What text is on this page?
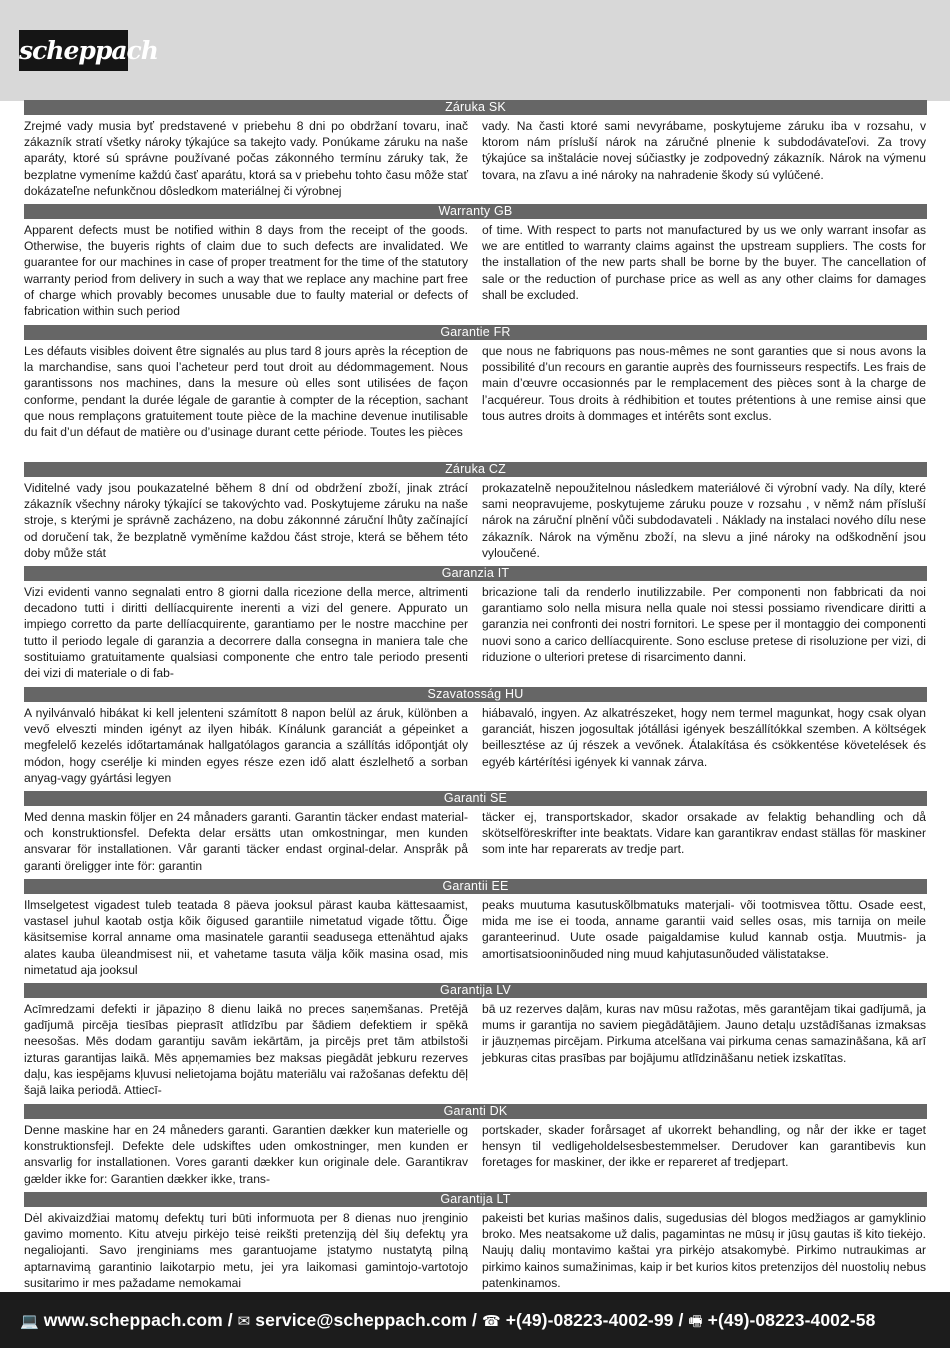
scheppach
Záruka SK
Zrejmé vady musia byť predstavené v priebehu 8 dni po obdržaní tovaru, inač zákazník stratí všetky nároky týkajúce sa takejto vady. Ponúkame záruku na naše aparáty, ktoré sú správne používané počas zákonného termínu záruky tak, že bezplatne vymeníme každú časť aparátu, ktorá sa v priebehu tohto času môže stať dokázateľne nefunkčnou dôsledkom materiálnej či výrobnej
vady. Na časti ktoré sami nevyrábame, poskytujeme záruku iba v rozsahu, v ktorom nám prísluší nárok na záručné plnenie k subdodávateľovi. Za trovy týkajúce sa inštalácie novej súčiastky je zodpovedný zákazník. Nárok na výmenu tovara, na zľavu a iné nároky na nahradenie škody sú vylúčené.
Warranty GB
Apparent defects must be notified within 8 days from the receipt of the goods. Otherwise, the buyeris rights of claim due to such defects are invalidated. We guarantee for our machines in case of proper treatment for the time of the statutory warranty period from delivery in such a way that we replace any machine part free of charge which provably becomes unusable due to faulty material or defects of fabrication within such period
of time. With respect to parts not manufactured by us we only warrant insofar as we are entitled to warranty claims against the upstream suppliers. The costs for the installation of the new parts shall be borne by the buyer. The cancellation of sale or the reduction of purchase price as well as any other claims for damages shall be excluded.
Garantie FR
Les défauts visibles doivent être signalés au plus tard 8 jours après la réception de la marchandise, sans quoi l’acheteur perd tout droit au dédommagement. Nous garantissons nos machines, dans la mesure où elles sont utilisées de façon conforme, pendant la durée légale de garantie à compter de la réception, sachant que nous remplaçons gratuitement toute pièce de la machine devenue inutilisable du fait d’un défaut de matière ou d’usinage durant cette période. Toutes les pièces
que nous ne fabriquons pas nous-mêmes ne sont garanties que si nous avons la possibilité d’un recours en garantie auprès des fournisseurs respectifs. Les frais de main d’œuvre occasionnés par le remplacement des pièces sont à la charge de l’acquéreur. Tous droits à rédhibition et toutes prétentions à une remise ainsi que tous autres droits à dommages et intérêts sont exclus.
Záruka CZ
Viditelné vady jsou poukazatelné během 8 dní od obdržení zboží, jinak ztrácí zákazník všechny nároky týkající se takovýchto vad. Poskytujeme záruku na naše stroje, s kterými je správně zacházeno, na dobu zákonnné záruční lhůty začínající od doručení tak, že bezplatně vyměníme každou část stroje, která se během této doby může stát
prokazatelně nepoužitelnou následkem materiálové či výrobní vady. Na díly, které sami neopravujeme, poskytujeme záruku pouze v rozsahu , v němž nám přísluší nárok na záruční plnění vůči subdodavateli . Náklady na instalaci nového dílu nese zákazník. Nárok na výměnu zboží, na slevu a jiné nároky na odškodnění jsou vyloučené.
Garanzia IT
Vizi evidenti vanno segnalati entro 8 giorni dalla ricezione della merce, altrimenti decadono tutti i diritti dellíacquirente inerenti a vizi del genere. Appurato un impiego corretto da parte dellíacquirente, garantiamo per le nostre macchine per tutto il periodo legale di garanzia a decorrere dalla consegna in maniera tale che sostituiamo gratuitamente qualsiasi componente che entro tale periodo presenti dei vizi di materiale o di fab-
bricazione tali da renderlo inutilizzabile. Per componenti non fabbricati da noi garantiamo solo nella misura nella quale noi stessi possiamo rivendicare diritti a garanzia nei confronti dei nostri fornitori. Le spese per il montaggio dei componenti nuovi sono a carico dellíacquirente. Sono escluse pretese di risoluzione per vizi, di riduzione o ulteriori pretese di risarcimento danni.
Szavatosság HU
A nyilvánvaló hibákat ki kell jelenteni számított 8 napon belül az áruk, különben a vevő elveszti minden igényt az ilyen hibák. Kínálunk garanciát a gépeinket a megfelelő kezelés időtartamának hallgatólagos garancia a szállítás időpontját oly módon, hogy cserélje ki minden egyes része ezen idő alatt észlelhető a sorban anyag-vagy gyártási legyen
hiábavaló, ingyen. Az alkatrészeket, hogy nem termel magunkat, hogy csak olyan garanciát, hiszen jogosultak jótállási igények beszállítókkal szemben. A költségek beillesztése az új részek a vevőnek. Átalakítása és csökkentése követelések és egyéb kártérítési igények ki vannak zárva.
Garanti SE
Med denna maskin följer en 24 månaders garanti. Garantin täcker endast material- och konstruktionsfel. Defekta delar ersätts utan omkostningar, men kunden ansvarar för installationen. Vår garanti täcker endast orginal-delar. Anspråk på garanti öreligger inte för: garantin
täcker ej, transportskador, skador orsakade av felaktig behandling och då skötselföreskrifter inte beaktats. Vidare kan garantikrav endast ställas för maskiner som inte har reparerats av tredje part.
Garantii EE
Ilmselgetest vigadest tuleb teatada 8 päeva jooksul pärast kauba kättesaamist, vastasel juhul kaotab ostja kõik õigused garantiile nimetatud vigade tõttu. Õige käsitsemise korral anname oma masinatele garantii seadusega ettenähtud ajaks alates kauba üleandmisest nii, et vahetame tasuta välja kõik masina osad, mis nimetatud aja jooksul
peaks muutuma kasutuskõlbmatuks materjali- või tootmisvea tõttu. Osade eest, mida me ise ei tooda, anname garantii vaid selles osas, mis tarnija on meile garanteerinud. Uute osade paigaldamise kulud kannab ostja. Muutmis- ja amortisatsiooninõuded ning muud kahjutasunõuded välistatakse.
Garantija LV
Acīmredzami defekti ir jāpaziņo 8 dienu laikā no preces saņemšanas. Pretējā gadījumā pircēja tiesības pieprasīt atlīdzību par šādiem defektiem ir spēkā neesošas. Mēs dodam garantiju savām iekārtām, ja pircējs pret tām atbilstoši izturas garantijas laikā. Mēs apņemamies bez maksas piegādāt jebkuru rezerves daļu, kas iespējams kļuvusi nelietojama bojātu materiālu vai ražošanas defektu dēļ šajā laika periodā. Attiecī-
bā uz rezerves daļām, kuras nav mūsu ražotas, mēs garantējam tikai gadījumā, ja mums ir garantija no saviem piegādātājiem. Jauno detaļu uzstādīšanas izmaksas ir jāuzņemas pircējam. Pirkuma atcelšana vai pirkuma cenas samazināšana, kā arī jebkuras citas prasības par bojājumu atlīdzināšanu netiek izskatītas.
Garanti DK
Denne maskine har en 24 måneders garanti. Garantien dækker kun materielle og konstruktionsfejl. Defekte dele udskiftes uden omkostninger, men kunden er ansvarlig for installationen. Vores garanti dækker kun originale dele. Garantikrav gælder ikke for: Garantien dækker ikke, trans-
portskader, skader forårsaget af ukorrekt behandling, og når der ikke er taget hensyn til vedligeholdelsesbestemmelser. Derudover kan garantibevis kun foretages for maskiner, der ikke er repareret af tredjepart.
Garantija LT
Dėl akivaizdžiai matomų defektų turi būti informuota per 8 dienas nuo įrenginio gavimo momento. Kitu atveju pirkėjo teisė reikšti pretenziją dėl šių defektų yra negaliojanti. Savo įrenginiams mes garantuojame įstatymo nustatytą pilną aptarnavimą garantinio laikotarpio metu, jei yra laikomasi gamintojo-vartotojo susitarimo ir mes pažadame nemokamai
pakeisti bet kurias mašinos dalis, sugedusias dėl blogos medžiagos ar gamyklinio broko. Mes neatsakome už dalis, pagamintas ne mūsų ir jūsų gautas iš kito tiekėjo. Naujų dalių montavimo kaštai yra pirkėjo atsakomybė. Pirkimo nutraukimas ar pirkimo kainos sumažinimas, kaip ir bet kurios kitos pretenzijos dėl nuostolių nebus patenkinamos.
💻 www.scheppach.com / ✉ service@scheppach.com / ☎ +(49)-08223-4002-99 / 🖷 +(49)-08223-4002-58
